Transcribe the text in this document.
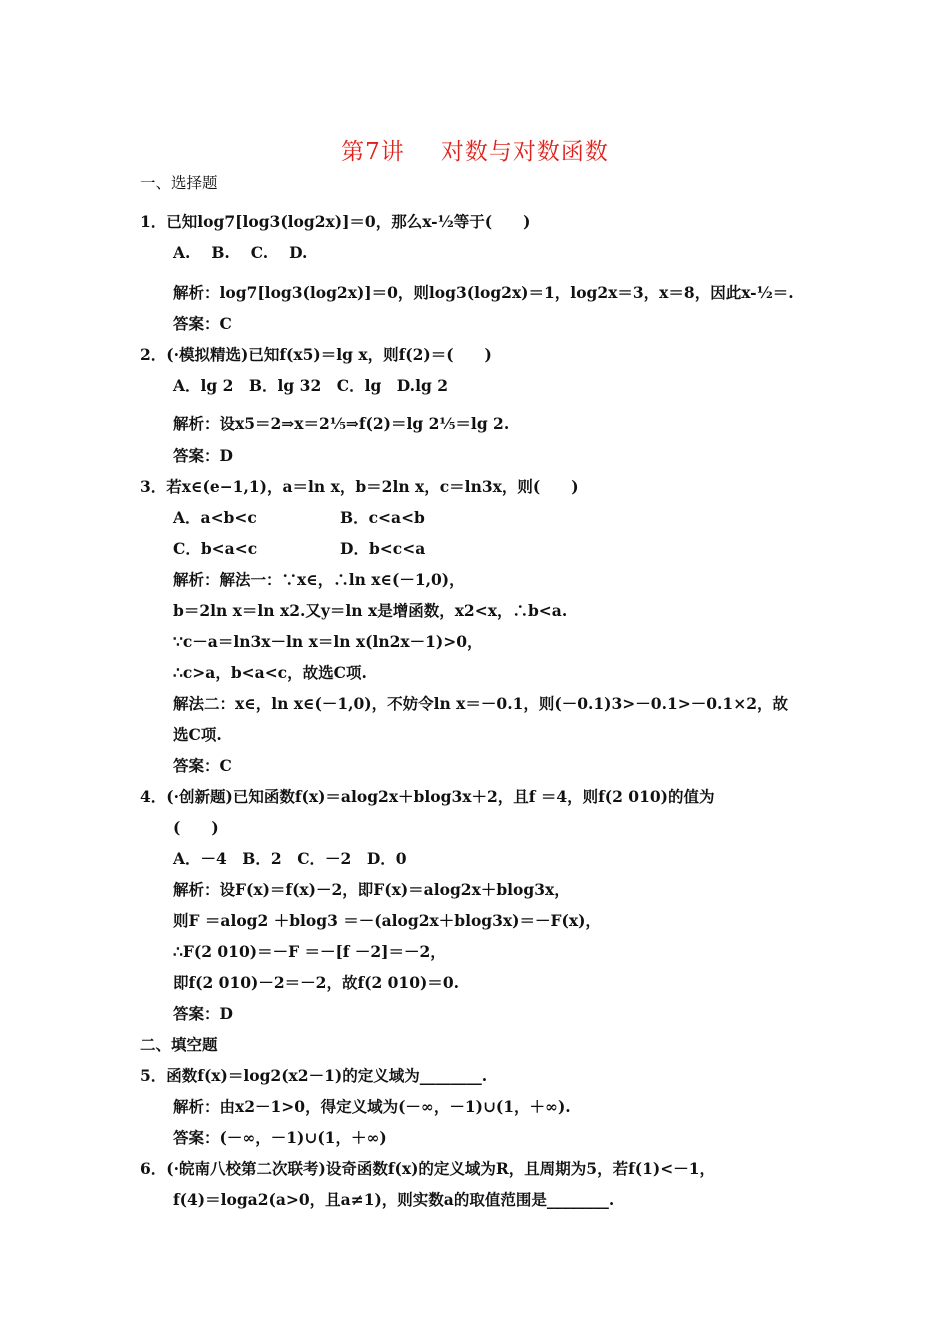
第7讲 对数与对数函数
一、选择题
1．已知log7[log3(log2x)]＝0，那么x-½等于(　　)
A.　 B.　 C.　 D.
解析：log7[log3(log2x)]＝0，则log3(log2x)＝1，log2x＝3，x＝8，因此x-½＝.
答案：C
2．(·模拟精选)已知f(x5)＝lg x，则f(2)＝(　　)
A．lg 2　B．lg 32　C．lg　D.lg 2
解析：设x5＝2⇒x＝2⅕⇒f(2)＝lg 2⅕＝lg 2.
答案：D
3．若x∈(e−1,1)，a＝ln x，b＝2ln x，c＝ln3x，则(　　)
A．a<b<c	B．c<a<b
C．b<a<c	D．b<c<a
解析：解法一：∵x∈，∴ln x∈(－1,0)，
b＝2ln x＝ln x2.又y＝ln x是增函数，x2<x，∴b<a.
∵c－a＝ln3x－ln x＝ln x(ln2x－1)>0，
∴c>a，b<a<c，故选C项.
解法二：x∈，ln x∈(－1,0)，不妨令ln x＝－0.1，则(－0.1)3>－0.1>－0.1×2，故
选C项.
答案：C
4．(·创新题)已知函数f(x)＝alog2x＋blog3x＋2，且f ＝4，则f(2 010)的值为
(　　)
A．－4　B．2　C．－2　D．0
解析：设F(x)＝f(x)－2，即F(x)＝alog2x＋blog3x，
则F ＝alog2 ＋blog3 ＝－(alog2x＋blog3x)＝－F(x)，
∴F(2 010)＝－F ＝－[f －2]＝－2，
即f(2 010)－2＝－2，故f(2 010)＝0.
答案：D
二、填空题
5．函数f(x)＝log2(x2－1)的定义域为________.
解析：由x2－1>0，得定义域为(－∞，－1)∪(1，＋∞).
答案：(－∞，－1)∪(1，＋∞)
6．(·皖南八校第二次联考)设奇函数f(x)的定义域为R，且周期为5，若f(1)<－1，
f(4)＝loga2(a>0，且a≠1)，则实数a的取值范围是________.
